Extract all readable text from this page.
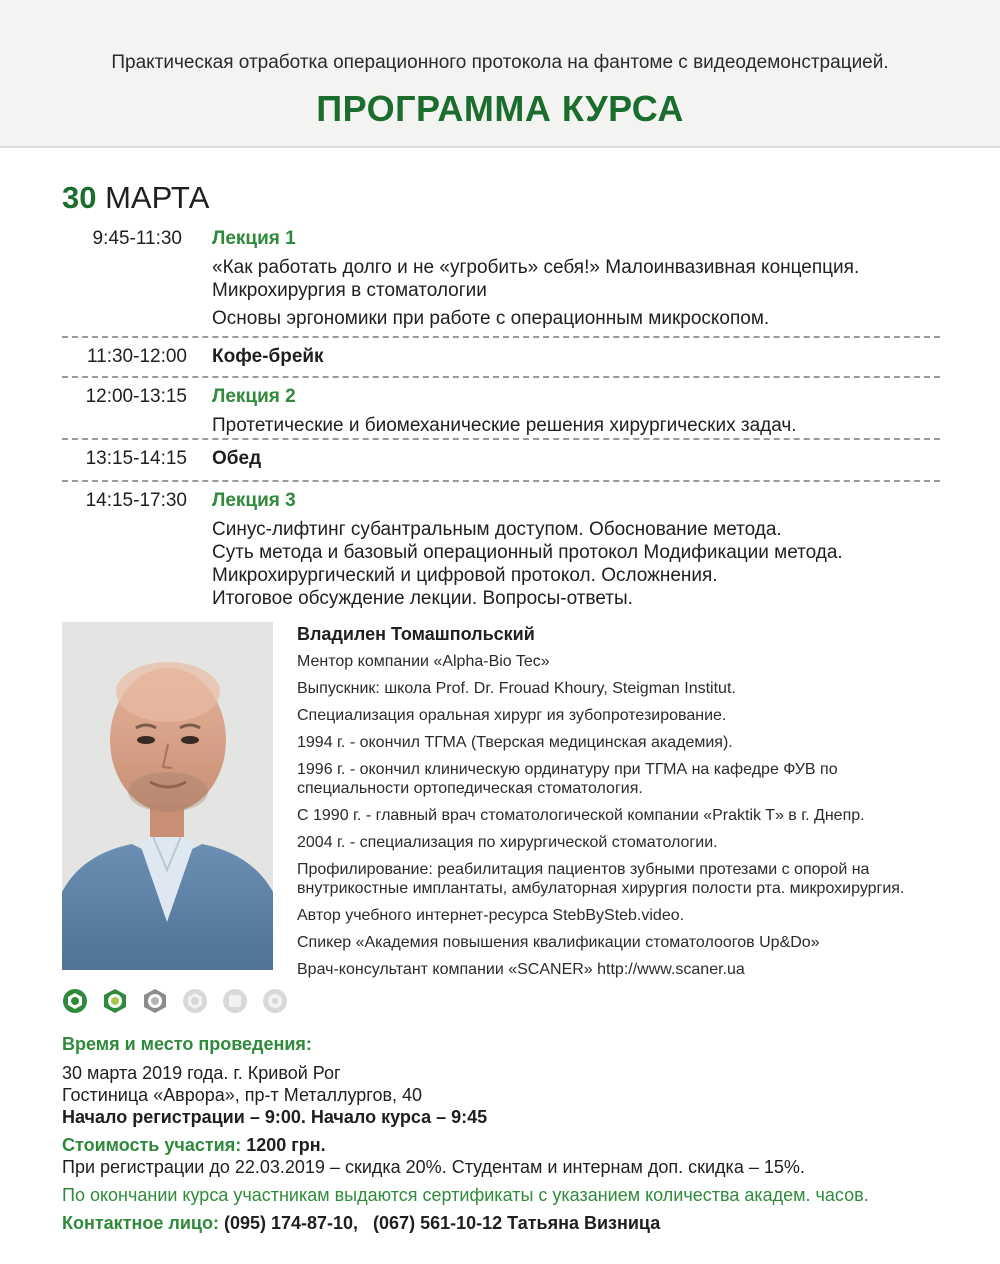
Практическая отработка операционного протокола на фантоме с видеодемонстрацией.
ПРОГРАММА КУРСА
30 МАРТА
9:45-11:30 Лекция 1
«Как работать долго и не «угробить» себя!» Малоинвазивная концепция.
Микрохирургия в стоматологии
Основы эргономики при работе с операционным микроскопом.
11:30-12:00 Кофе-брейк
12:00-13:15 Лекция 2
Протетические и биомеханические решения хирургических задач.
13:15-14:15 Обед
14:15-17:30 Лекция 3
Синус-лифтинг субантральным доступом. Обоснование метода.
Суть метода и базовый операционный протокол Модификации метода.
Микрохирургический и цифровой протокол. Осложнения.
Итоговое обсуждение лекции. Вопросы-ответы.
Владилен Томашпольский
Ментор компании «Alpha-Bio Tec»
Выпускник: школа Prof. Dr. Frouad Khoury, Steigman Institut.
Специализация оральная хирург ия зубопротезирование.
1994 г. - окончил ТГМА (Тверская медицинская академия).
1996 г. - окончил клиническую ординатуру при ТГМА на кафедре ФУВ по специальности ортопедическая стоматология.
С 1990 г. - главный врач стоматологической компании «Praktik T» в г. Днепр.
2004 г. - специализация по хирургической стоматологии.
Профилирование: реабилитация пациентов зубными протезами с опорой на внутрикостные имплантаты, амбулаторная хирургия полости рта. микрохирургия.
Автор учебного интернет-ресурса StebBySteb.video.
Спикер «Академия повышения квалификации стоматолоогов Up&Do»
Врач-консультант компании «SCANER» http://www.scaner.ua
Время и место проведения:
30 марта 2019 года. г. Кривой Рог
Гостиница «Аврора», пр-т Металлургов, 40
Начало регистрации – 9:00. Начало курса – 9:45
Стоимость участия: 1200 грн.
При регистрации до 22.03.2019 – скидка 20%. Студентам и интернам доп. скидка – 15%.
По окончании курса участникам выдаются сертификаты с указанием количества академ. часов.
Контактное лицо: (095) 174-87-10,   (067) 561-10-12 Татьяна Визница
